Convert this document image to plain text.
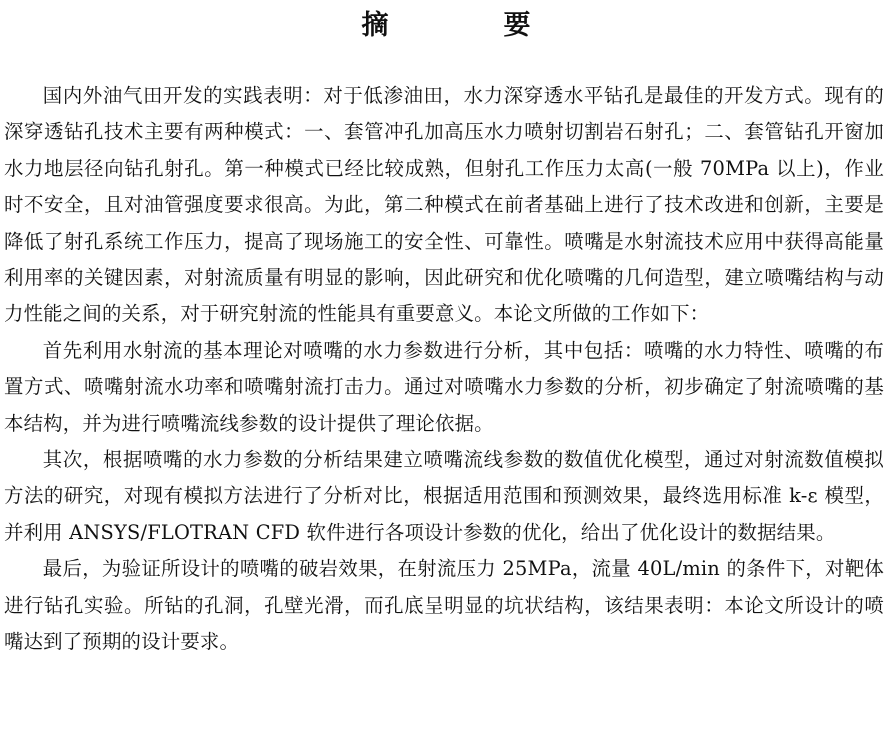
摘　要

国内外油气田开发的实践表明：对于低渗油田，水力深穿透水平钻孔是最佳的开发方式。现有的深穿透钻孔技术主要有两种模式：一、套管冲孔加高压水力喷射切割岩石射孔；二、套管钻孔开窗加水力地层径向钻孔射孔。第一种模式已经比较成熟，但射孔工作压力太高(一般 70MPa 以上)，作业时不安全，且对油管强度要求很高。为此，第二种模式在前者基础上进行了技术改进和创新，主要是降低了射孔系统工作压力，提高了现场施工的安全性、可靠性。喷嘴是水射流技术应用中获得高能量利用率的关键因素，对射流质量有明显的影响，因此研究和优化喷嘴的几何造型，建立喷嘴结构与动力性能之间的关系，对于研究射流的性能具有重要意义。本论文所做的工作如下：

首先利用水射流的基本理论对喷嘴的水力参数进行分析，其中包括：喷嘴的水力特性、喷嘴的布置方式、喷嘴射流水功率和喷嘴射流打击力。通过对喷嘴水力参数的分析，初步确定了射流喷嘴的基本结构，并为进行喷嘴流线参数的设计提供了理论依据。

其次，根据喷嘴的水力参数的分析结果建立喷嘴流线参数的数值优化模型，通过对射流数值模拟方法的研究，对现有模拟方法进行了分析对比，根据适用范围和预测效果，最终选用标准 k-ε 模型，并利用 ANSYS/FLOTRAN CFD 软件进行各项设计参数的优化，给出了优化设计的数据结果。

最后，为验证所设计的喷嘴的破岩效果，在射流压力 25MPa，流量 40L/min 的条件下，对靶体进行钻孔实验。所钻的孔洞，孔壁光滑，而孔底呈明显的坑状结构，该结果表明：本论文所设计的喷嘴达到了预期的设计要求。
